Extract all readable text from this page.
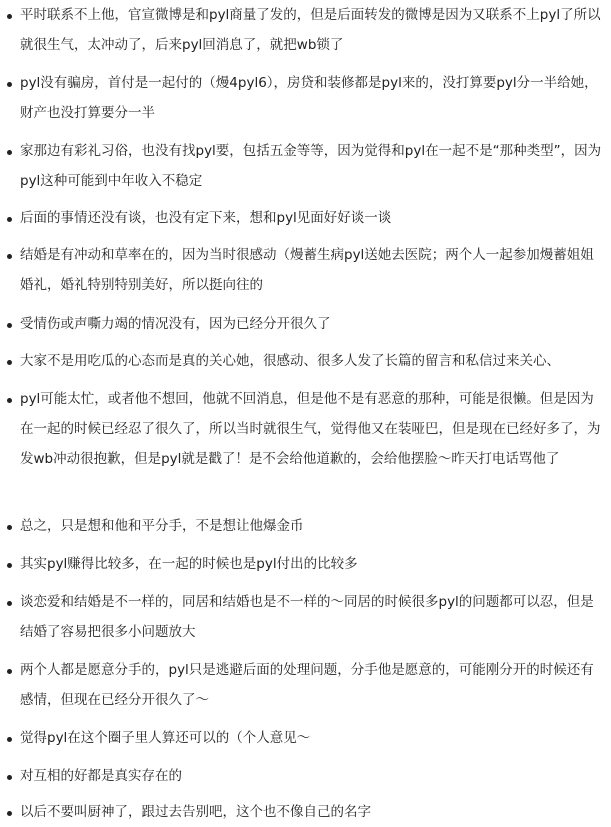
平时联系不上他，官宣微博是和pyl商量了发的，但是后面转发的微博是因为又联系不上pyl了所以就很生气，太冲动了，后来pyl回消息了，就把wb锁了
pyl没有骗房，首付是一起付的（熳4pyl6），房贷和装修都是pyl来的，没打算要pyl分一半给她，财产也没打算要分一半
家那边有彩礼习俗，也没有找pyl要，包括五金等等，因为觉得和pyl在一起不是“那种类型”，因为pyl这种可能到中年收入不稳定
后面的事情还没有谈，也没有定下来，想和pyl见面好好谈一谈
结婚是有冲动和草率在的，因为当时很感动（熳蓄生病pyl送她去医院；两个人一起参加熳蓄姐姐婚礼，婚礼特别特别美好，所以挺向往的
受情伤或声嘶力竭的情况没有，因为已经分开很久了
大家不是用吃瓜的心态而是真的关心她，很感动、很多人发了长篇的留言和私信过来关心、
pyl可能太忙，或者他不想回，他就不回消息，但是他不是有恶意的那种，可能是很懒。但是因为在一起的时候已经忍了很久了，所以当时就很生气，觉得他又在装哑巴，但是现在已经好多了，为发wb冲动很抱歉，但是pyl就是戳了！是不会给他道歉的，会给他摆脸～昨天打电话骂他了
总之，只是想和他和平分手，不是想让他爆金币
其实pyl赚得比较多，在一起的时候也是pyl付出的比较多
谈恋爱和结婚是不一样的，同居和结婚也是不一样的～同居的时候很多pyl的问题都可以忍，但是结婚了容易把很多小问题放大
两个人都是愿意分手的，pyl只是逃避后面的处理问题，分手他是愿意的，可能刚分开的时候还有感情，但现在已经分开很久了～
觉得pyl在这个圈子里人算还可以的（个人意见～
对互相的好都是真实存在的
以后不要叫厨神了，跟过去告别吧，这个也不像自己的名字
